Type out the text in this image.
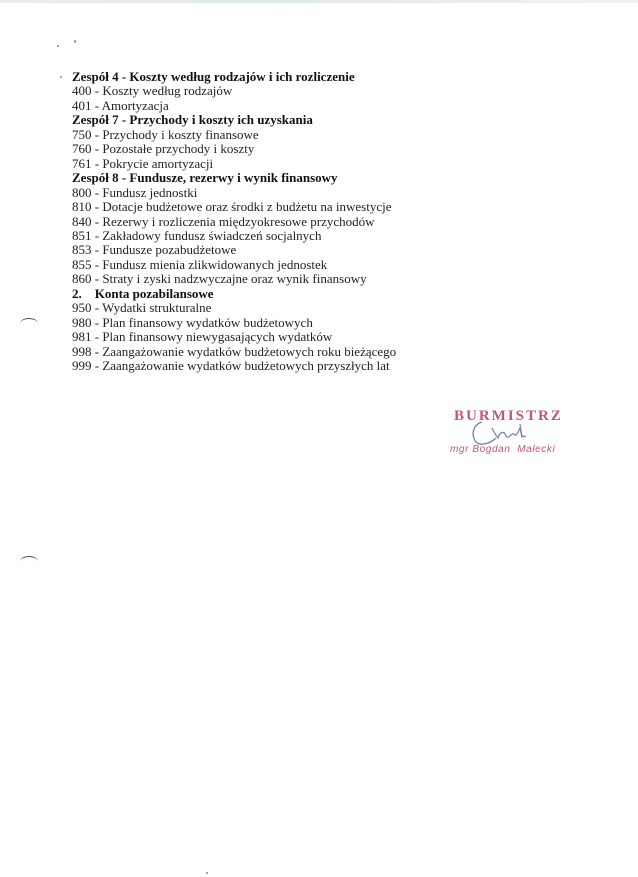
Zespół 4 - Koszty według rodzajów i ich rozliczenie
400 - Koszty według rodzajów
401 - Amortyzacja
Zespół 7 - Przychody i koszty ich uzyskania
750 - Przychody i koszty finansowe
760 - Pozostałe przychody i koszty
761 - Pokrycie amortyzacji
Zespół 8 - Fundusze, rezerwy i wynik finansowy
800 - Fundusz jednostki
810 - Dotacje budżetowe oraz środki z budżetu na inwestycje
840 - Rezerwy i rozliczenia międzyokresowe przychodów
851 - Zakładowy fundusz świadczeń socjalnych
853 - Fundusze pozabudżetowe
855 - Fundusz mienia zlikwidowanych jednostek
860 - Straty i zyski nadzwyczajne oraz wynik finansowy
2.    Konta pozabilansowe
950 - Wydatki strukturalne
980 - Plan finansowy wydatków budżetowych
981 - Plan finansowy niewygasających wydatków
998 - Zaangażowanie wydatków budżetowych roku bieżącego
999 - Zaangażowanie wydatków budżetowych przyszłych lat
BURMISTRZ
mgr Bogdan  Małecki
